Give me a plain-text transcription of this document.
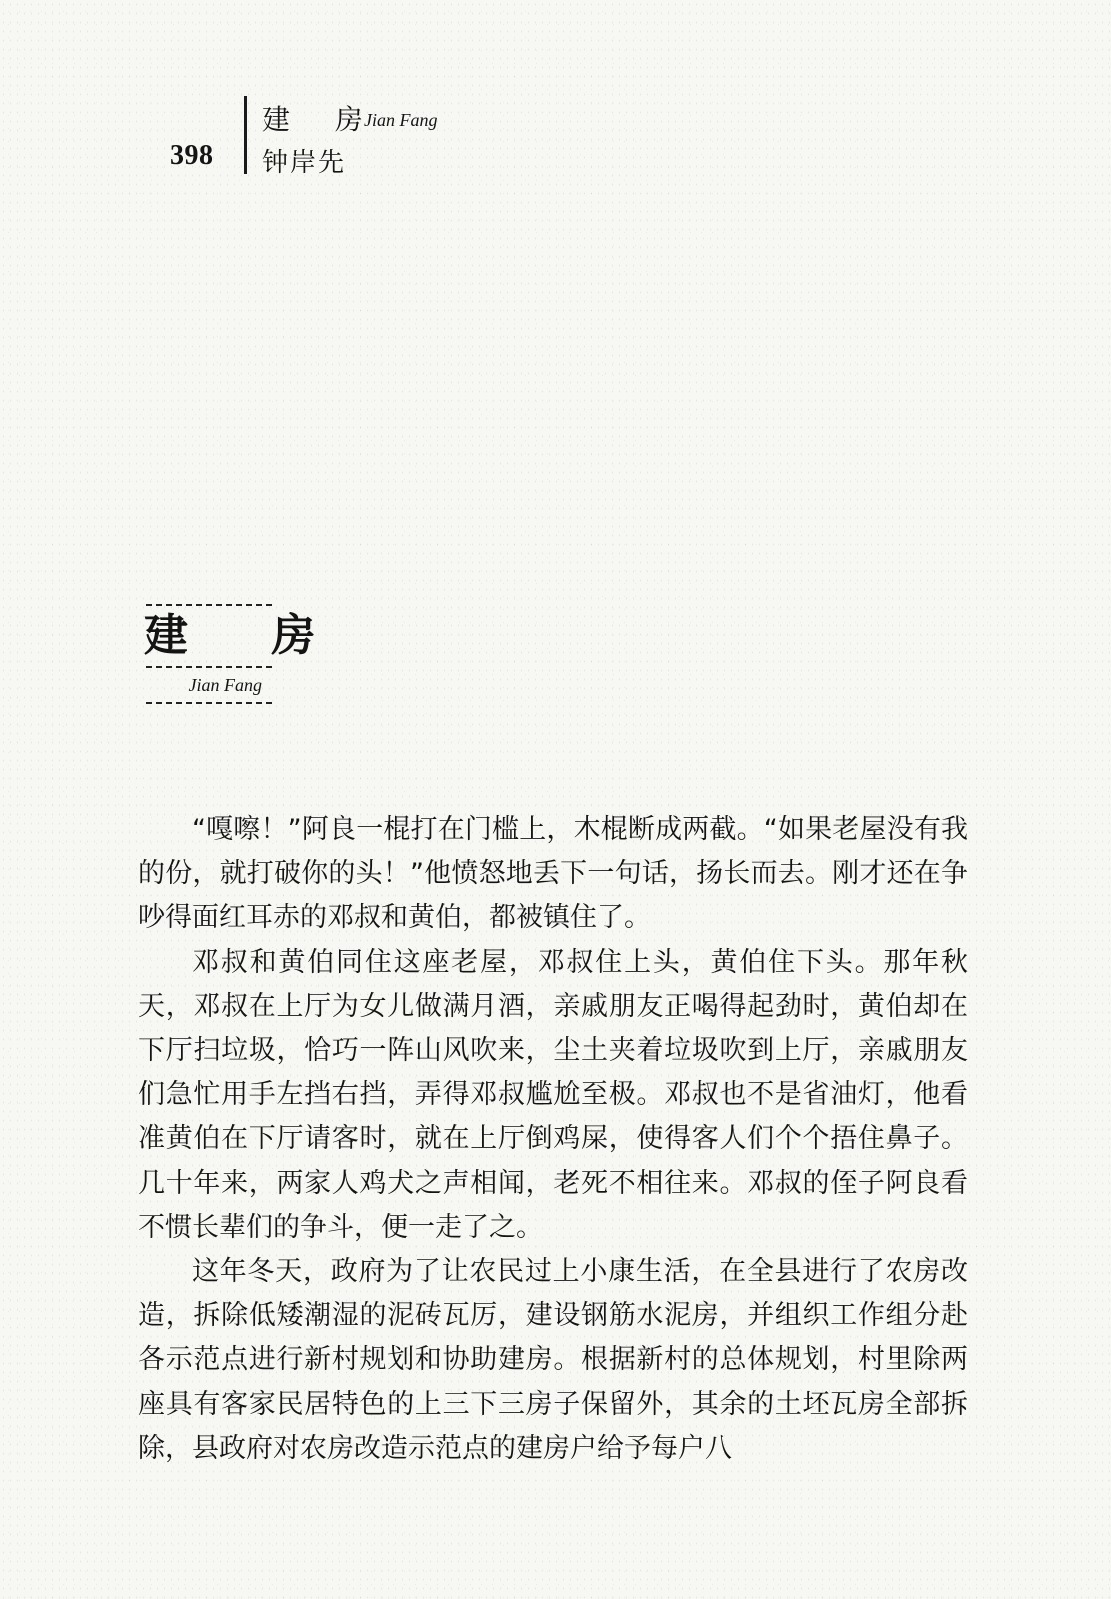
398
建 房
Jian Fang
钟岸先
建 房
Jian Fang

“嘎嚓！”阿良一棍打在门槛上，木棍断成两截。“如果老屋没有我的份，就打破你的头！”他愤怒地丢下一句话，扬长而去。刚才还在争吵得面红耳赤的邓叔和黄伯，都被镇住了。

邓叔和黄伯同住这座老屋，邓叔住上头，黄伯住下头。那年秋天，邓叔在上厅为女儿做满月酒，亲戚朋友正喝得起劲时，黄伯却在下厅扫垃圾，恰巧一阵山风吹来，尘土夹着垃圾吹到上厅，亲戚朋友们急忙用手左挡右挡，弄得邓叔尴尬至极。邓叔也不是省油灯，他看准黄伯在下厅请客时，就在上厅倒鸡屎，使得客人们个个捂住鼻子。几十年来，两家人鸡犬之声相闻，老死不相往来。邓叔的侄子阿良看不惯长辈们的争斗，便一走了之。

这年冬天，政府为了让农民过上小康生活，在全县进行了农房改造，拆除低矮潮湿的泥砖瓦厉，建设钢筋水泥房，并组织工作组分赴各示范点进行新村规划和协助建房。根据新村的总体规划，村里除两座具有客家民居特色的上三下三房子保留外，其余的土坯瓦房全部拆除，县政府对农房改造示范点的建房户给予每户八
